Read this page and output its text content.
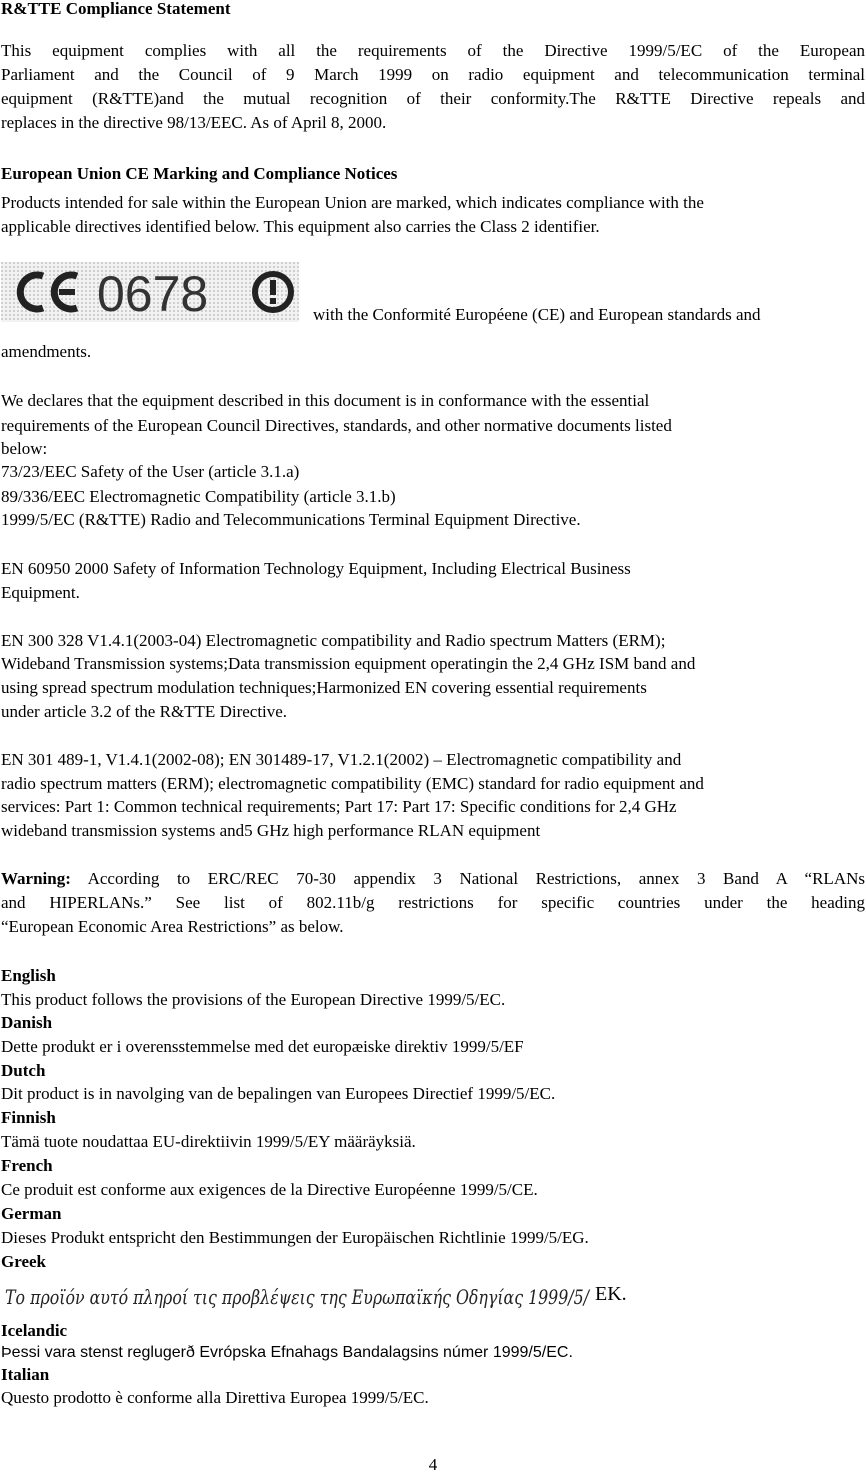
R&TTE Compliance Statement

This equipment complies with all the requirements of the Directive 1999/5/EC of the European

Parliament and the Council of 9 March 1999 on radio equipment and telecommunication terminal

equipment (R&TTE)and the mutual recognition of their conformity.The R&TTE Directive repeals and

replaces in the directive 98/13/EEC. As of April 8, 2000.

European Union CE Marking and Compliance Notices

Products intended for sale within the European Union are marked, which indicates compliance with the

applicable directives identified below. This equipment also carries the Class 2 identifier.

0678	with the Conformité Européene (CE) and European standards and

amendments.

We declares that the equipment described in this document is in conformance with the essential

requirements of the European Council Directives, standards, and other normative documents listed

below:

73/23/EEC Safety of the User (article 3.1.a)

89/336/EEC Electromagnetic Compatibility (article 3.1.b)

1999/5/EC (R&TTE) Radio and Telecommunications Terminal Equipment Directive.

EN 60950 2000 Safety of Information Technology Equipment, Including Electrical Business

Equipment.

EN 300 328 V1.4.1(2003-04) Electromagnetic compatibility and Radio spectrum Matters (ERM);

Wideband Transmission systems;Data transmission equipment operatingin the 2,4 GHz ISM band and

using spread spectrum modulation techniques;Harmonized EN covering essential requirements

under article 3.2 of the R&TTE Directive.

EN 301 489-1, V1.4.1(2002-08); EN 301489-17, V1.2.1(2002) – Electromagnetic compatibility and

radio spectrum matters (ERM); electromagnetic compatibility (EMC) standard for radio equipment and

services: Part 1: Common technical requirements; Part 17: Part 17: Specific conditions for 2,4 GHz

wideband transmission systems and5 GHz high performance RLAN equipment

Warning: According to ERC/REC 70-30 appendix 3 National Restrictions, annex 3 Band A “RLANs

and HIPERLANs.” See list of 802.11b/g restrictions for specific countries under the heading

“European Economic Area Restrictions” as below.

English

This product follows the provisions of the European Directive 1999/5/EC.

Danish

Dette produkt er i overensstemmelse med det europæiske direktiv 1999/5/EF

Dutch

Dit product is in navolging van de bepalingen van Europees Directief 1999/5/EC.

Finnish

Tämä tuote noudattaa EU-direktiivin 1999/5/EY määräyksiä.

French

Ce produit est conforme aux exigences de la Directive Européenne 1999/5/CE.

German

Dieses Produkt entspricht den Bestimmungen der Europäischen Richtlinie 1999/5/EG.

Greek

Το προϊόν αυτό πληροί τις προβλέψεις της Ευρωπαϊκής Οδηγίας 1999/5/ EK.

Icelandic

Þessi vara stenst reglugerð Evrópska Efnahags Bandalagsins númer 1999/5/EC.

Italian

Questo prodotto è conforme alla Direttiva Europea 1999/5/EC.

4
